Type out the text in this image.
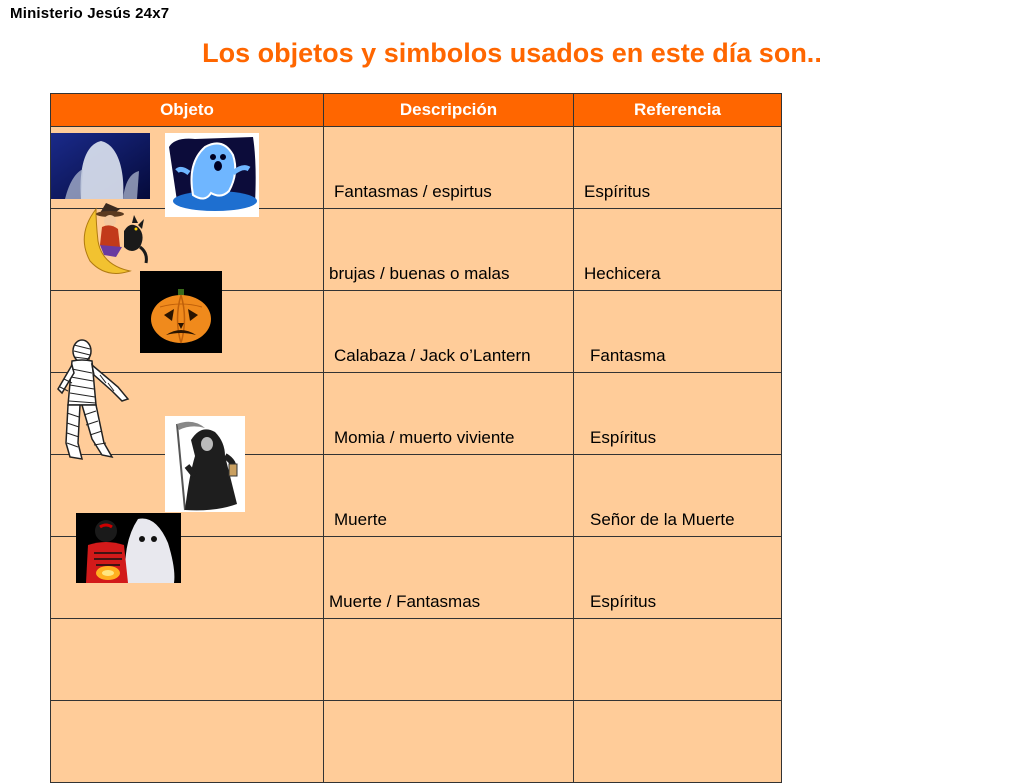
Ministerio Jesús 24x7
Los objetos y simbolos usados en este día son..
Objeto	Descripción	Referencia
	Fantasmas / espirtus	Espíritus
	brujas / buenas o malas	Hechicera
	Calabaza / Jack o’Lantern	Fantasma
	Momia / muerto viviente	Espíritus
	Muerte	Señor de la Muerte
	Muerte / Fantasmas	Espíritus
